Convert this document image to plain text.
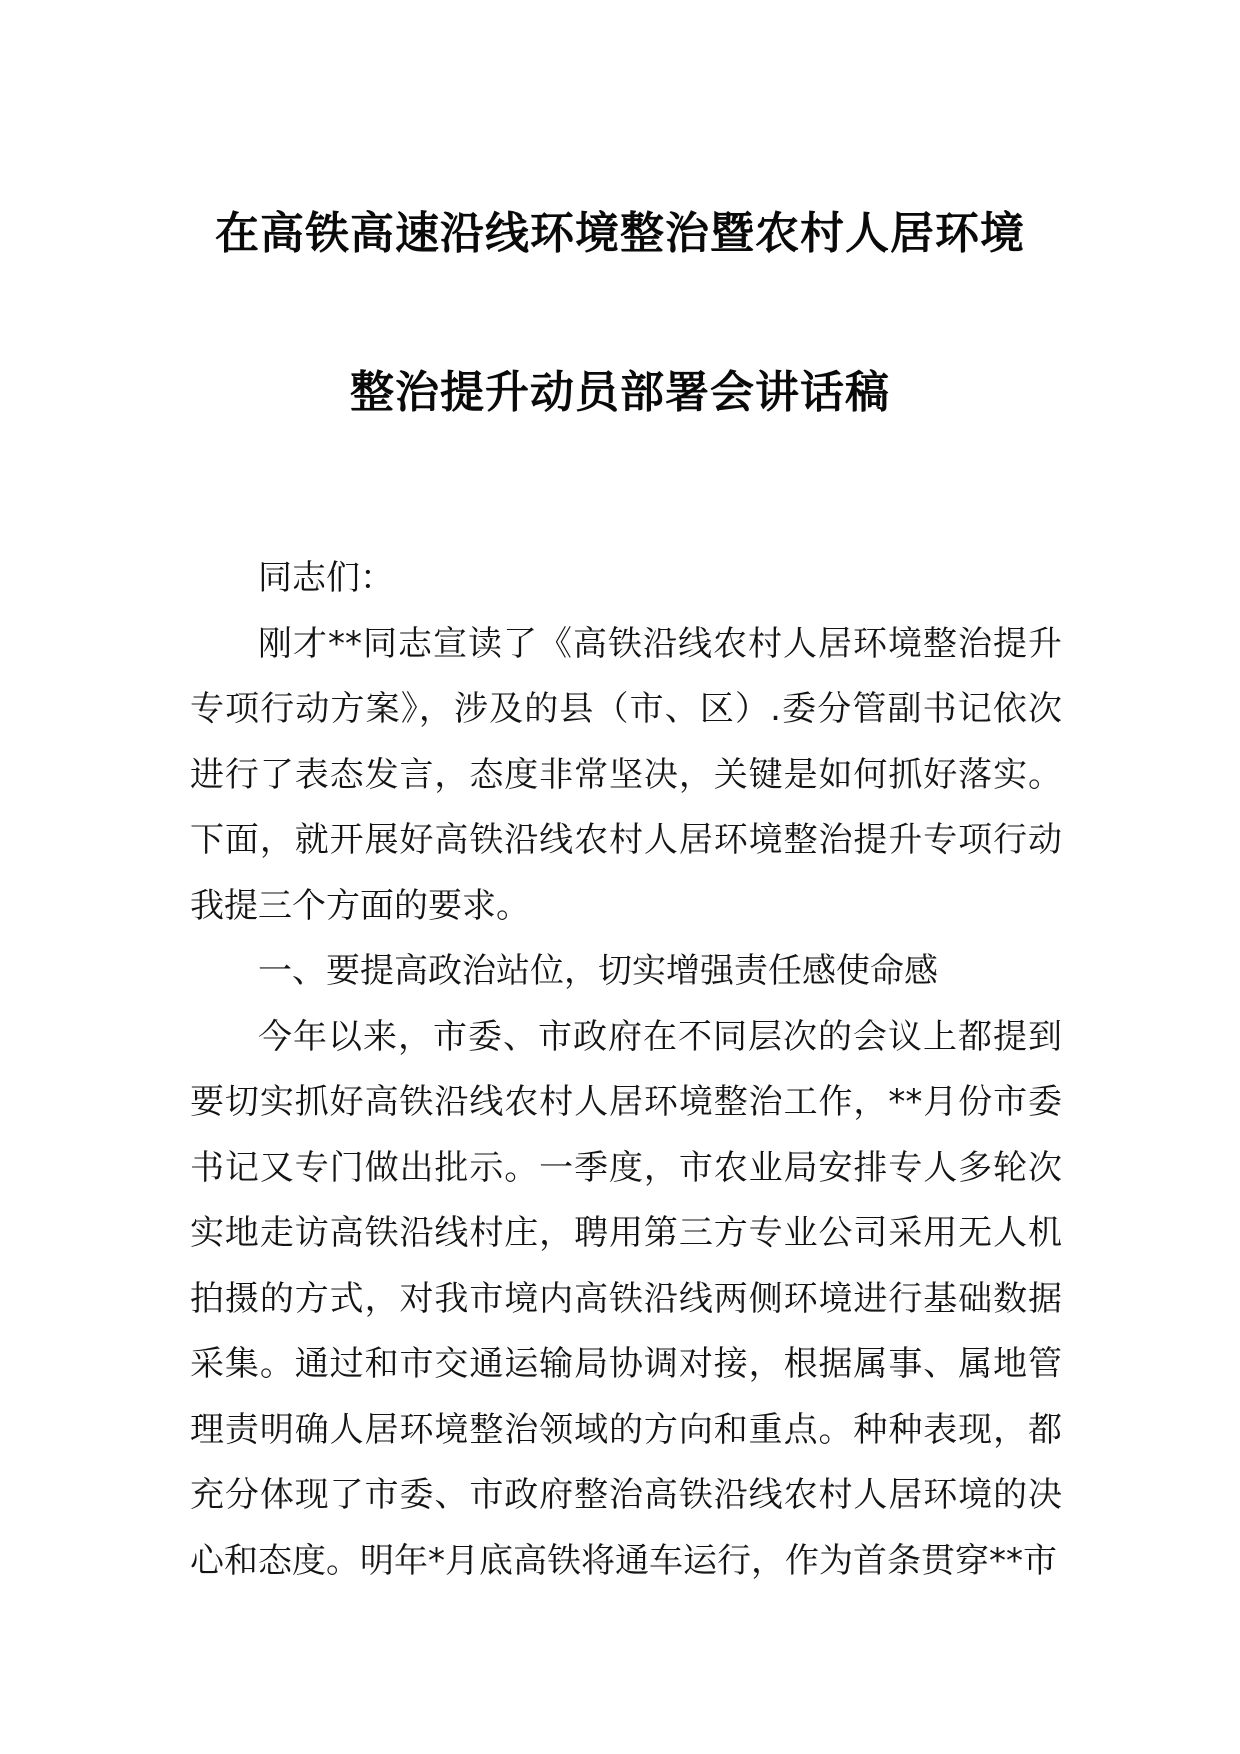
在高铁高速沿线环境整治暨农村人居环境
整治提升动员部署会讲话稿

同志们：

刚才**同志宣读了《高铁沿线农村人居环境整治提升专项行动方案》，涉及的县（市、区）.委分管副书记依次进行了表态发言，态度非常坚决，关键是如何抓好落实。下面，就开展好高铁沿线农村人居环境整治提升专项行动我提三个方面的要求。

一、要提高政治站位，切实增强责任感使命感

今年以来，市委、市政府在不同层次的会议上都提到要切实抓好高铁沿线农村人居环境整治工作，**月份市委书记又专门做出批示。一季度，市农业局安排专人多轮次实地走访高铁沿线村庄，聘用第三方专业公司采用无人机拍摄的方式，对我市境内高铁沿线两侧环境进行基础数据采集。通过和市交通运输局协调对接，根据属事、属地管理责明确人居环境整治领域的方向和重点。种种表现，都充分体现了市委、市政府整治高铁沿线农村人居环境的决心和态度。明年*月底高铁将通车运行，作为首条贯穿**市
